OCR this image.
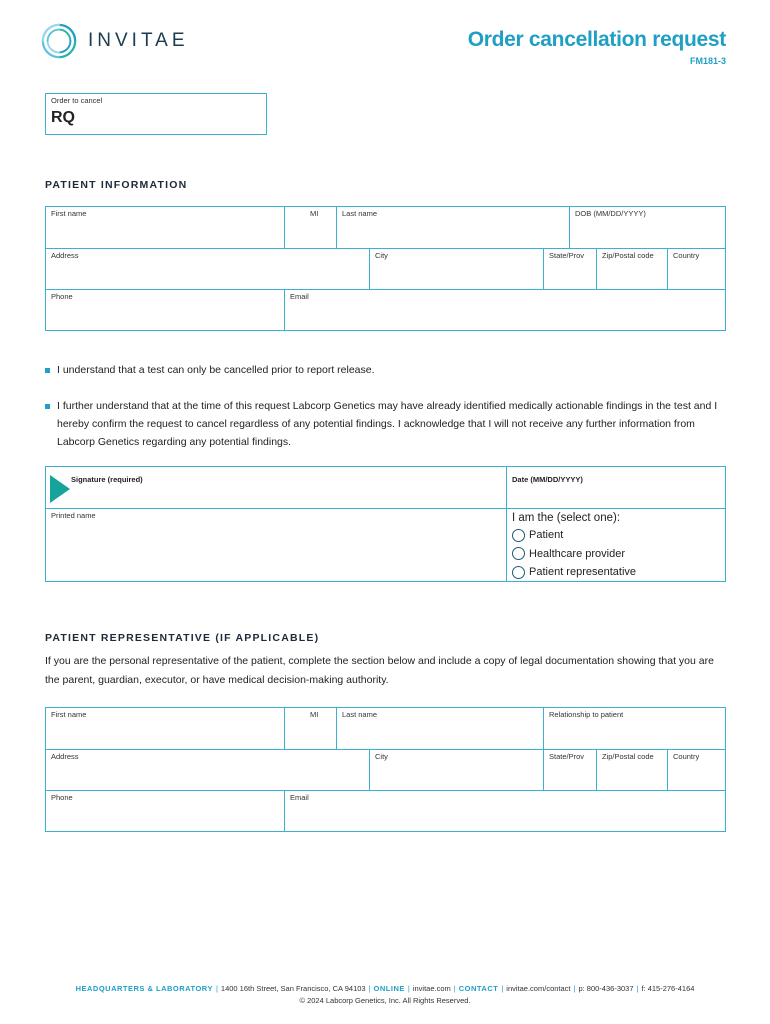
INVITAE	Order cancellation request
FM181-3
Order to cancel
RQ
PATIENT INFORMATION
First name	MI	Last name	DOB (MM/DD/YYYY)
Address	City	State/Prov	Zip/Postal code	Country
Phone	Email
I understand that a test can only be cancelled prior to report release.
I further understand that at the time of this request Labcorp Genetics may have already identified medically actionable findings in the test and I hereby confirm the request to cancel regardless of any potential findings. I acknowledge that I will not receive any further information from Labcorp Genetics regarding any potential findings.
Signature (required)	Date (MM/DD/YYYY)
Printed name	I am the (select one):
Patient
Healthcare provider
Patient representative
PATIENT REPRESENTATIVE (IF APPLICABLE)
If you are the personal representative of the patient, complete the section below and include a copy of legal documentation showing that you are the parent, guardian, executor, or have medical decision-making authority.
First name	MI	Last name	Relationship to patient
Address	City	State/Prov	Zip/Postal code	Country
Phone	Email
HEADQUARTERS & LABORATORY | 1400 16th Street, San Francisco, CA 94103 | ONLINE | invitae.com | CONTACT | invitae.com/contact | p: 800-436-3037 | f: 415-276-4164
© 2024 Labcorp Genetics, Inc. All Rights Reserved.
